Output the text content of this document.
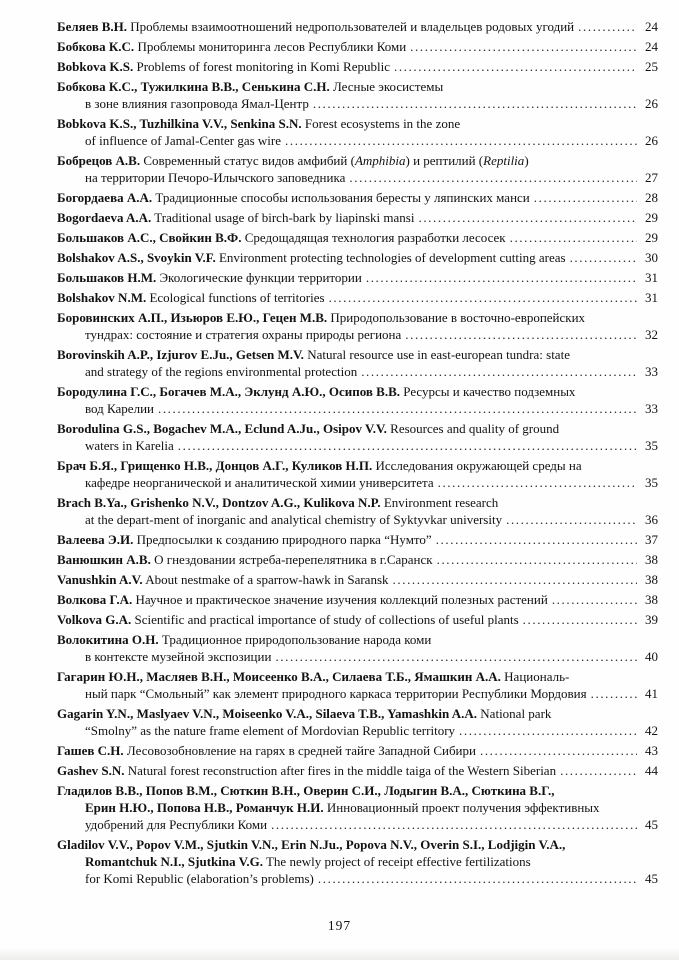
Беляев В.Н. Проблемы взаимоотношений недропользователей и владельцев родовых угодий .....	24
Бобкова К.С. Проблемы мониторинга лесов Республики Коми .....	24
Bobkova K.S. Problems of forest monitoring in Komi Republic .....	25
Бобкова К.С., Тужилкина В.В., Сенькина С.Н. Лесные экосистемы
в зоне влияния газопровода Ямал-Центр .....	26
Bobkova K.S., Tuzhilkina V.V., Senkina S.N. Forest ecosystems in the zone
of influence of Jamal-Center gas wire .....	26
Бобрецов А.В. Современный статус видов амфибий (Amphibia) и рептилий (Reptilia)
на территории Печоро-Илычского заповедника .....	27
Богордаева А.А. Традиционные способы использования бересты у ляпинских манси .....	28
Bogordaeva A.A. Traditional usage of birch-bark by liapinski mansi .....	29
Большаков А.С., Свойкин В.Ф. Средощадящая технология разработки лесосек .....	29
Bolshakov A.S., Svoykin V.F. Environment protecting technologies of development cutting areas .....	30
Большаков Н.М. Экологические функции территории .....	31
Bolshakov N.M. Ecological functions of territories .....	31
Боровинских А.П., Изьюров Е.Ю., Гецен М.В. Природопользование в восточно-европейских
тундрах: состояние и стратегия охраны природы региона .....	32
Borovinskih A.P., Izjurov E.Ju., Getsen M.V. Natural resource use in east-european tundra: state
and strategy of the regions environmental protection .....	33
Бородулина Г.С., Богачев М.А., Эклунд А.Ю., Осипов В.В. Ресурсы и качество подземных
вод Карелии .....	33
Borodulina G.S., Bogachev M.A., Eclund A.Ju., Osipov V.V. Resources and quality of ground
waters in Karelia .....	35
Брач Б.Я., Грищенко Н.В., Донцов А.Г., Куликов Н.П. Исследования окружающей среды на
кафедре неорганической и аналитической химии университета .....	35
Brach B.Ya., Grishenko N.V., Dontzov A.G., Kulikova N.P. Environment research
at the depart-ment of inorganic and analytical chemistry of Syktyvkar university .....	36
Валеева Э.И. Предпосылки к созданию природного парка “Нумто” .....	37
Ванюшкин А.В. О гнездовании ястреба-перепелятника в г.Саранск .....	38
Vanushkin A.V. About nestmake of a sparrow-hawk in Saransk .....	38
Волкова Г.А. Научное и практическое значение изучения коллекций полезных растений .....	38
Volkova G.A. Scientific and practical importance of study of collections of useful plants .....	39
Волокитина О.Н. Традиционное природопользование народа коми
в контексте музейной экспозиции .....	40
Гагарин Ю.Н., Масляев В.Н., Моисеенко В.А., Силаева Т.Б., Ямашкин А.А. Националь-
ный парк “Смольный” как элемент природного каркаса территории Республики Мордовия .....	41
Gagarin Y.N., Maslyaev V.N., Moiseenko V.A., Silaeva T.B., Yamashkin A.A. National park
“Smolny” as the nature frame element of Mordovian Republic territory .....	42
Гашев С.Н. Лесовозобновление на гарях в средней тайге Западной Сибири .....	43
Gashev S.N. Natural forest reconstruction after fires in the middle taiga of the Western Siberian .....	44
Гладилов В.В., Попов В.М., Сюткин В.Н., Оверин С.И., Лодыгин В.А., Сюткина В.Г.,
Ерин Н.Ю., Попова Н.В., Романчук Н.И. Инновационный проект получения эффективных
удобрений для Республики Коми .....	45
Gladilov V.V., Popov V.M., Sjutkin V.N., Erin N.Ju., Popova N.V., Overin S.I., Lodjigin V.A.,
Romantchuk N.I., Sjutkina V.G. The newly project of receipt effective fertilizations
for Komi Republic (elaboration’s problems) .....	45
197
